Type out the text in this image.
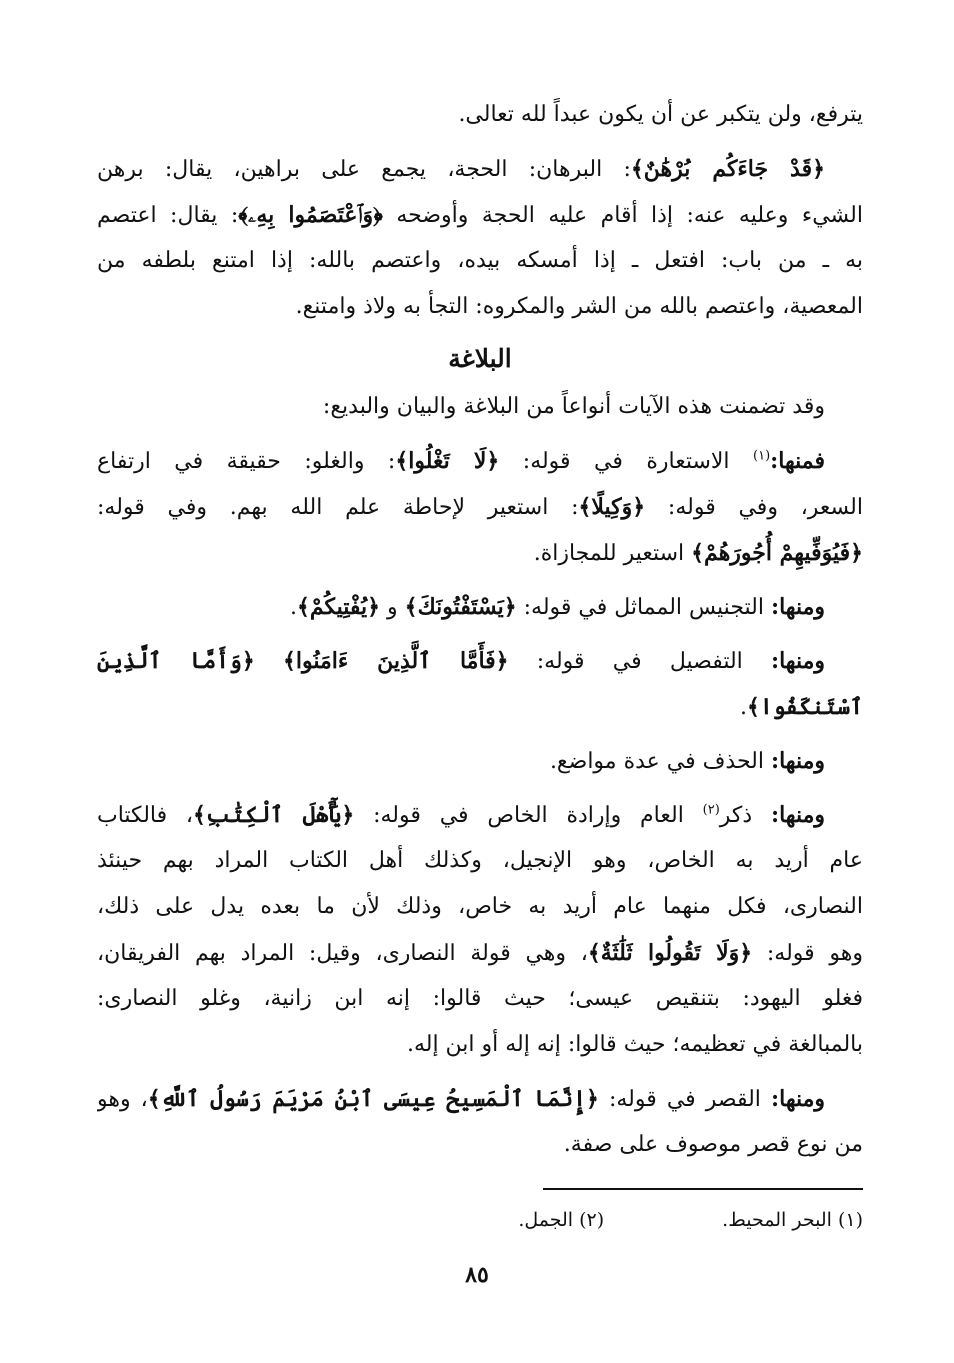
يترفع، ولن يتكبر عن أن يكون عبداً لله تعالى.
﴿قَدْ جَاءَكُم بُرْهَٰنٌ﴾: البرهان: الحجة، يجمع على براهين، يقال: برهن
الشيء وعليه عنه: إذا أقام عليه الحجة وأوضحه ﴿وَٱعْتَصَمُوا بِهِۦ﴾: يقال: اعتصم
به ـ من باب: افتعل ـ إذا أمسكه بيده، واعتصم بالله: إذا امتنع بلطفه من
المعصية، واعتصم بالله من الشر والمكروه: التجأ به ولاذ وامتنع.
البلاغة
وقد تضمنت هذه الآيات أنواعاً من البلاغة والبيان والبديع:
فمنها:$^{(١)}$ الاستعارة في قوله: ﴿لَا تَغْلُوا﴾: والغلو: حقيقة في ارتفاع
السعر، وفي قوله: ﴿وَكِيلًا﴾: استعير لإحاطة علم الله بهم. وفي قوله:
﴿فَيُوَفِّيهِمْ أُجُورَهُمْ﴾ استعير للمجازاة.
ومنها: التجنيس المماثل في قوله: ﴿يَسْتَفْتُونَكَ﴾ و ﴿يُفْتِيكُمْ﴾.
ومنها: التفصيل في قوله: ﴿فَأَمَّا ٱلَّذِينَ ءَامَنُوا﴾ ﴿وَأَمَّا ٱلَّذِينَ
ٱسْتَنكَفُوا﴾.
ومنها: الحذف في عدة مواضع.
ومنها: ذكر$^{(٢)}$ العام وإرادة الخاص في قوله: ﴿يَٰٓأَهْلَ ٱلْكِتَٰبِ﴾، فالكتاب
عام أريد به الخاص، وهو الإنجيل، وكذلك أهل الكتاب المراد بهم حينئذ
النصارى، فكل منهما عام أريد به خاص، وذلك لأن ما بعده يدل على ذلك،
وهو قوله: ﴿وَلَا تَقُولُوا ثَلَٰثَةٌ﴾، وهي قولة النصارى، وقيل: المراد بهم الفريقان،
فغلو اليهود: بتنقيص عيسى؛ حيث قالوا: إنه ابن زانية، وغلو النصارى:
بالمبالغة في تعظيمه؛ حيث قالوا: إنه إله أو ابن إله.
ومنها: القصر في قوله: ﴿إِنَّمَا ٱلْمَسِيحُ عِيسَى ٱبْنُ مَرْيَمَ رَسُولُ ٱللَّهِ﴾، وهو
من نوع قصر موصوف على صفة.
(١) البحر المحيط.(٢) الجمل.
٨٥
